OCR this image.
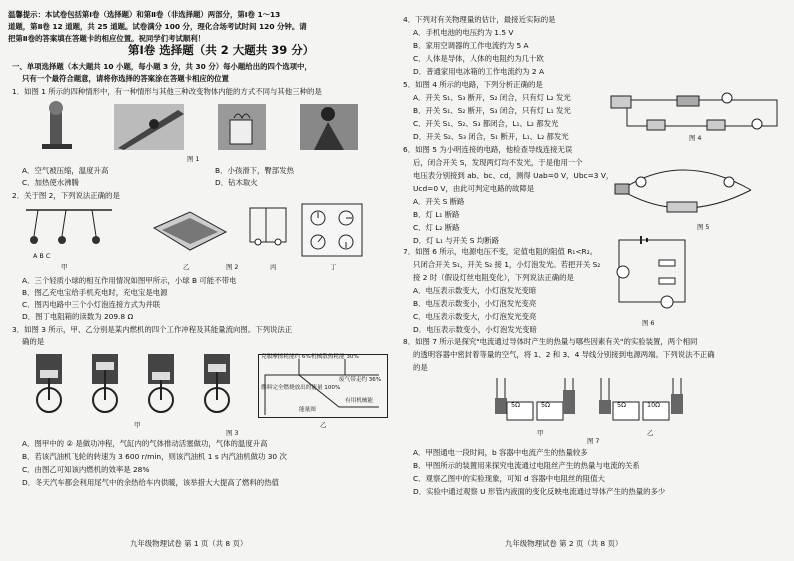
温馨提示：本试卷包括第Ⅰ卷（选择题）和第Ⅱ卷（非选择题）两部分，第Ⅰ卷 1～13
道题，第Ⅱ卷 12 道题，共 25 道题。试卷满分 100 分，理化合场考试时间 120 分钟。请
把第Ⅱ卷的答案填在答题卡的相应位置。祝同学们考试顺利！
第Ⅰ卷 选择题（共 2 大题共 39 分）
一、单项选择题（本大题共 10 小题，每小题 3 分，共 30 分）每小题给出的四个选项中，
只有一个最符合题意，请将你选择的答案涂在答题卡相应的位置
1．如图 1 所示的四种情形中，有一种情形与其他三种改变物体内能的方式不同与其他三种的是
图 1
A．空气被压缩，温度升高	B．小孩滑下，臀部发热
C．加热使水沸腾	D．钻木取火
2．关于图 2，下列说法正确的是
A B C
甲	乙	图 2	丙	丁
A．三个轻质小球的相互作用情况如图甲所示，小球 B 可能不带电
B．图乙充电宝给手机充电时，充电宝是电源
C．图丙电路中三个小灯泡连接方式为并联
D．图丁电阻箱的读数为 209.8 Ω
3．如图 3 所示，甲、乙分别是某内燃机的四个工作冲程及其能量流向图。下列说法正
确的是
克服摩擦耗能约 6% 机械散热耗能 30%
废气带走约 36%
燃料完全燃烧放出的能量 100%
有用机械能
能量图
甲	乙
图 3
A．图甲中的 ② 是做功冲程，气缸内的气体推动活塞做功，气体的温度升高
B．若该汽油机飞轮的转速为 3 600 r/min，则该汽油机 1 s 内汽油机做功 30 次
C．由图乙可知该内燃机的效率是 28%
D．冬天汽车都会利用尾气中的余热给车内供暖，该举措大大提高了燃料的热值
九年级物理试卷 第 1 页（共 8 页）
4．下列对有关物理量的估计，最接近实际的是
A．手机电池的电压约为 1.5 V
B．家用空调器的工作电流约为 5 A
C．人体是导体，人体的电阻约为几十欧
D．普通家用电冰箱的工作电流约为 2 A
5．如图 4 所示的电路，下列分析正确的是
A．开关 S₁、S₃ 断开，S₂ 闭合，只有灯 L₂ 发光
B．开关 S₁、S₂ 断开，S₃ 闭合，只有灯 L₁ 发光
C．开关 S₁、S₂、S₃ 都闭合，L₁、L₂ 都发光
D．开关 S₂、S₃ 闭合，S₁ 断开，L₁、L₂ 都发光	图 4
6．如图 5 为小明连接的电路，他检查导线连接无误
后，闭合开关 S，发现两灯均不发光，于是他用一个
电压表分别接到 ab、bc、cd，测得 Uab=0 V，Ubc=3 V，
Ucd=0 V，由此可判定电路的故障是
A．开关 S 断路
B．灯 L₁ 断路
C．灯 L₂ 断路
D．灯 L₁ 与开关 S 均断路
图 5
7．如图 6 所示，电源电压不变，定值电阻的阻值 R₁<R₂。
只闭合开关 S₁，开关 S₂ 接 1，小灯泡发光。若把开关 S₂
接 2 时（假设灯丝电阻变化），下列说法正确的是
A．电压表示数变大，小灯泡发光变暗
B．电压表示数变小，小灯泡发光变亮
C．电压表示数变大，小灯泡发光变亮
D．电压表示数变小，小灯泡发光变暗
图 6
8．如图 7 所示是探究"电流通过导体时产生的热量与哪些因素有关"的实验装置，两个相同
的透明容器中密封着等量的空气，将 1、2 和 3、4 导线分别接到电源两端。下列说法不正确
的是
5Ω	5Ω	5Ω	10Ω
甲	乙
图 7
A．甲图通电一段时间，b 容器中电流产生的热量较多
B．甲图所示的装置用来探究电流通过电阻丝产生的热量与电流的关系
C．观察乙图中的实验现象，可知 d 容器中电阻丝的阻值大
D．实验中通过观察 U 形管内液面的变化反映电流通过导体产生的热量的多少
九年级物理试卷 第 2 页（共 8 页）
